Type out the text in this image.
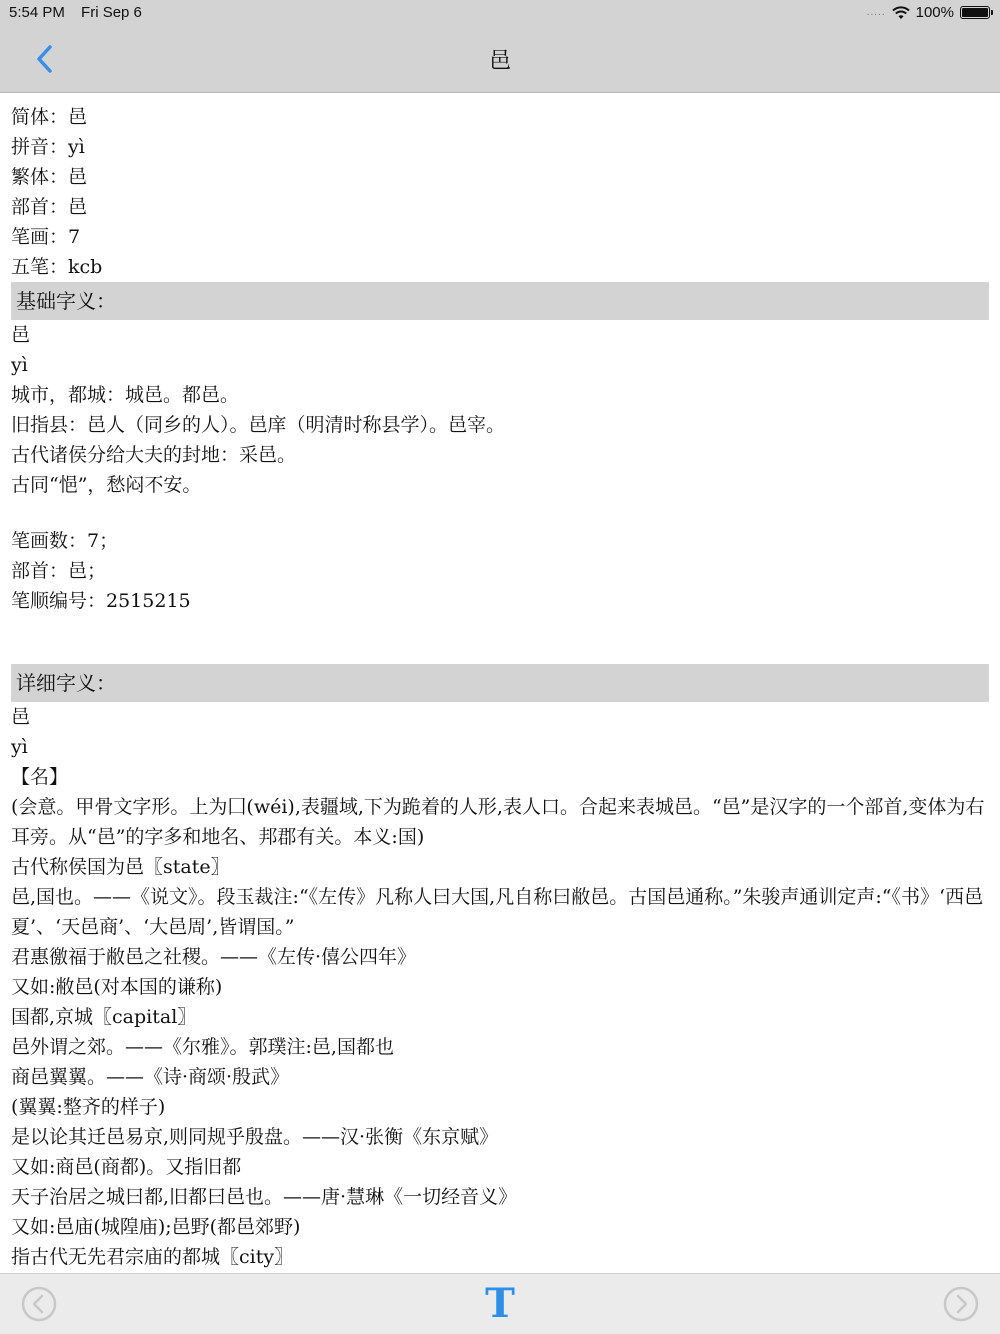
5:54 PM Fri Sep 6	..... 100%
邑
简体：邑
拼音：yì
繁体：邑
部首：邑
笔画：7
五笔：kcb
基础字义：
邑
yì
城市，都城：城邑。都邑。
旧指县：邑人（同乡的人）。邑庠（明清时称县学）。邑宰。
古代诸侯分给大夫的封地：采邑。
古同“悒”，愁闷不安。
笔画数：7；
部首：邑；
笔顺编号：2515215
详细字义：
邑
yì
【名】
(会意。甲骨文字形。上为囗(wéi),表疆域,下为跪着的人形,表人口。合起来表城邑。“邑”是汉字的一个部首,变体为右耳旁。从“邑”的字多和地名、邦郡有关。本义:国)
古代称侯国为邑〖state〗
邑,国也。——《说文》。段玉裁注:“《左传》凡称人曰大国,凡自称曰敝邑。古国邑通称。”朱骏声通训定声:“《书》‘西邑夏’、‘天邑商’、‘大邑周’,皆谓国。”
君惠徼福于敝邑之社稷。——《左传·僖公四年》
又如:敝邑(对本国的谦称)
国都,京城〖capital〗
邑外谓之郊。——《尔雅》。郭璞注:邑,国都也
商邑翼翼。——《诗·商颂·殷武》
(翼翼:整齐的样子)
是以论其迁邑易京,则同规乎殷盘。——汉·张衡《东京赋》
又如:商邑(商都)。又指旧都
天子治居之城曰都,旧都曰邑也。——唐·慧琳《一切经音义》
又如:邑庙(城隍庙);邑野(都邑郊野)
指古代无先君宗庙的都城〖city〗
T
